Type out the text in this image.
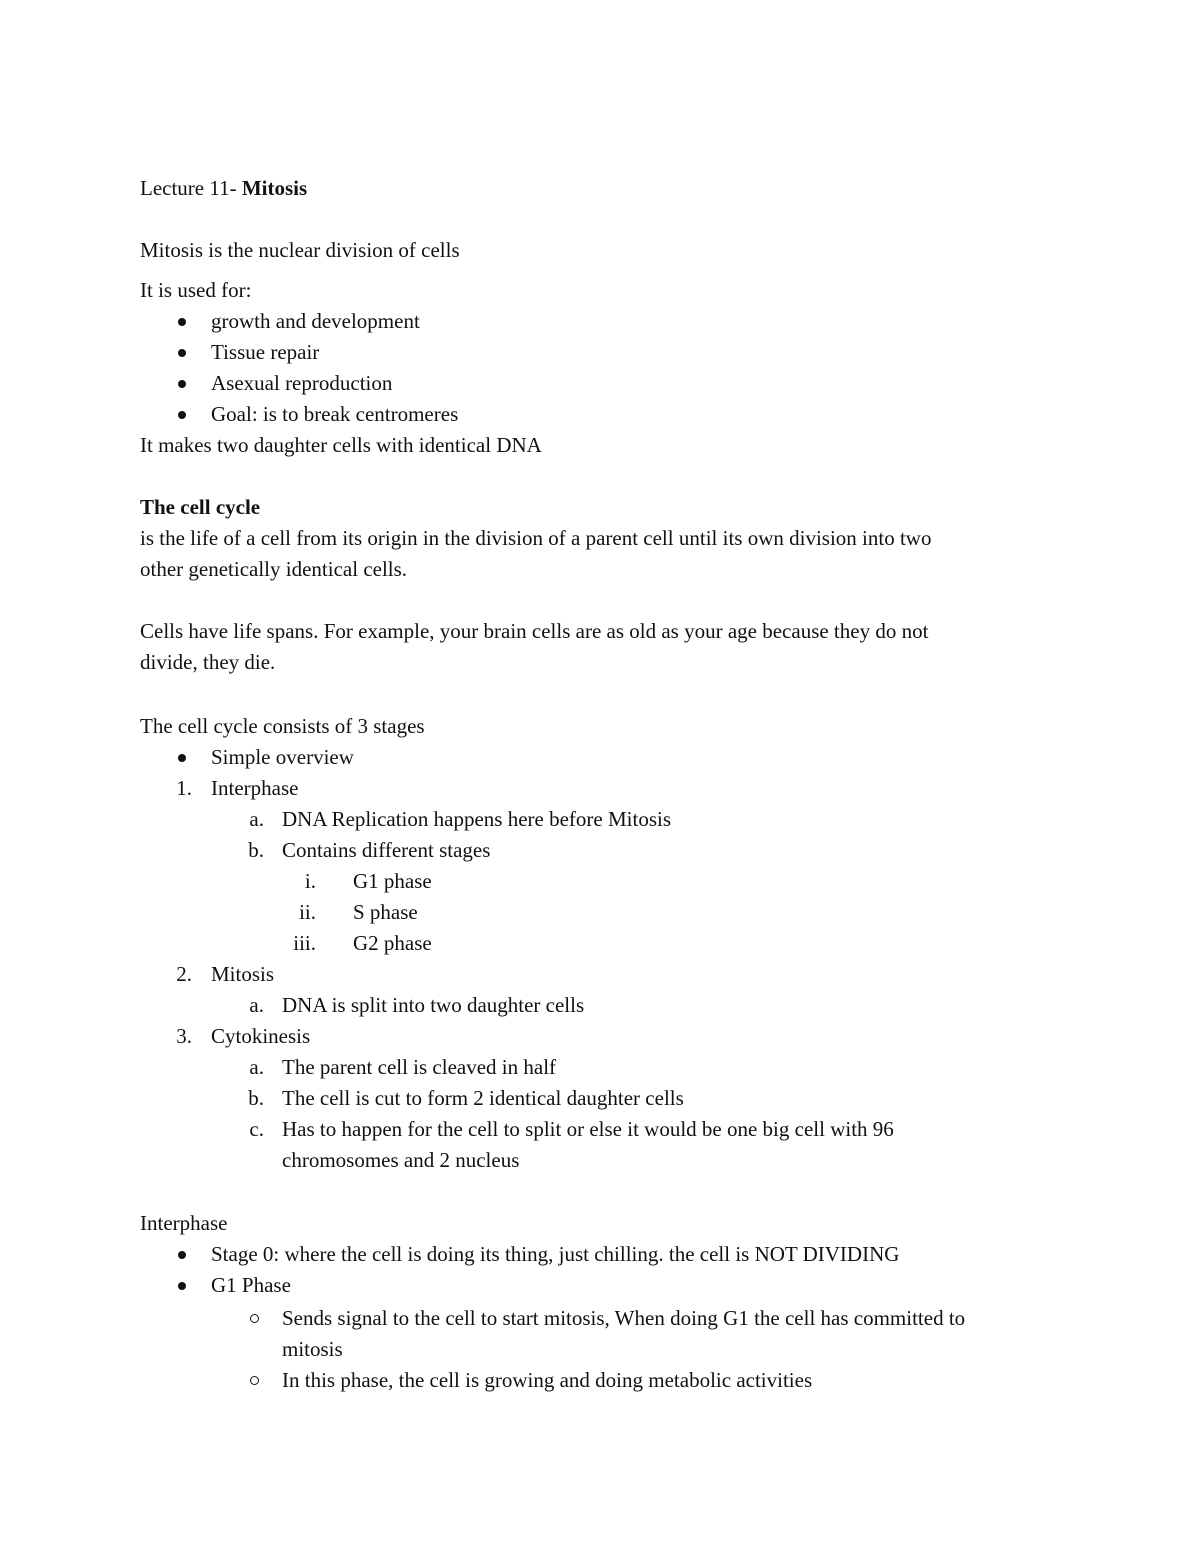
Lecture 11- Mitosis
Mitosis is the nuclear division of cells
It is used for:
growth and development
Tissue repair
Asexual reproduction
Goal: is to break centromeres
It makes two daughter cells with identical DNA
The cell cycle
is the life of a cell from its origin in the division of a parent cell until its own division into two
other genetically identical cells.
Cells have life spans. For example, your brain cells are as old as your age because they do not
divide, they die.
The cell cycle consists of 3 stages
Simple overview
1. Interphase
a. DNA Replication happens here before Mitosis
b. Contains different stages
i. G1 phase
ii. S phase
iii. G2 phase
2. Mitosis
a. DNA is split into two daughter cells
3. Cytokinesis
a. The parent cell is cleaved in half
b. The cell is cut to form 2 identical daughter cells
c. Has to happen for the cell to split or else it would be one big cell with 96
chromosomes and 2 nucleus
Interphase
Stage 0: where the cell is doing its thing, just chilling. the cell is NOT DIVIDING
G1 Phase
Sends signal to the cell to start mitosis, When doing G1 the cell has committed to
mitosis
In this phase, the cell is growing and doing metabolic activities
